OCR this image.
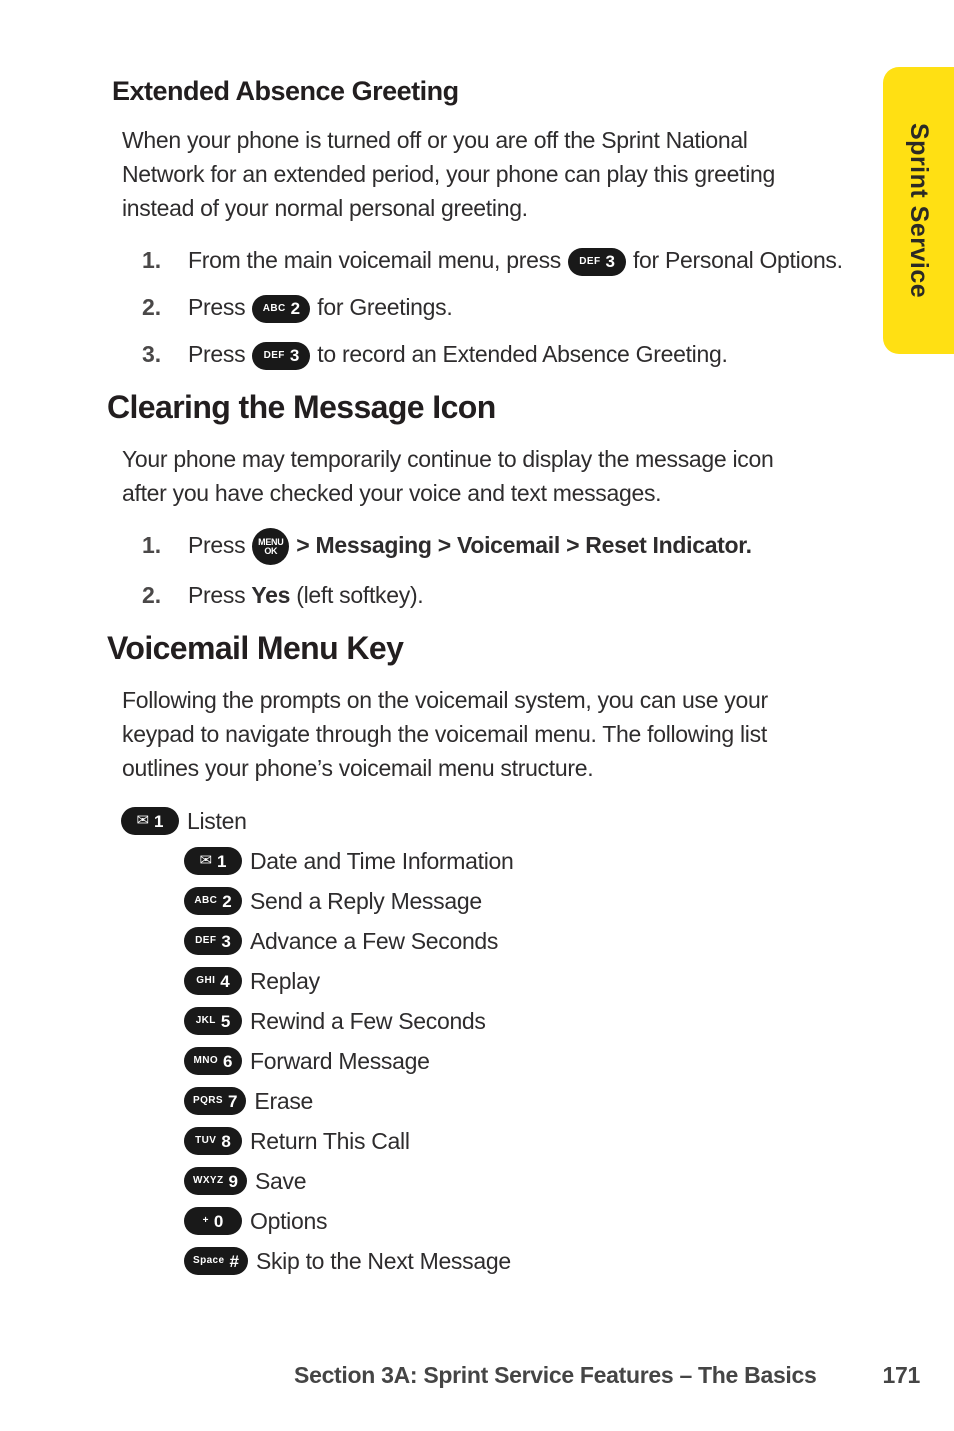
Sprint Service
Extended Absence Greeting

When your phone is turned off or you are off the Sprint National Network for an extended period, your phone can play this greeting instead of your normal personal greeting.

1.	From the main voicemail menu, press DEF 3 for Personal Options.
2.	Press ABC 2 for Greetings.
3.	Press DEF 3 to record an Extended Absence Greeting.
Clearing the Message Icon

Your phone may temporarily continue to display the message icon after you have checked your voice and text messages.

1.	Press MENU
OK > Messaging > Voicemail > Reset Indicator.
2.	Press Yes (left softkey).
Voicemail Menu Key

Following the prompts on the voicemail system, you can use your keypad to navigate through the voicemail menu. The following list outlines your phone’s voicemail menu structure.

✉ 1 Listen
✉ 1 Date and Time Information
ABC 2 Send a Reply Message
DEF 3 Advance a Few Seconds
GHI 4 Replay
JKL 5 Rewind a Few Seconds
MNO 6 Forward Message
PQRS 7 Erase
TUV 8 Return This Call
WXYZ 9 Save
+ 0 Options
Space # Skip to the Next Message
Section 3A: Sprint Service Features – The Basics	171
